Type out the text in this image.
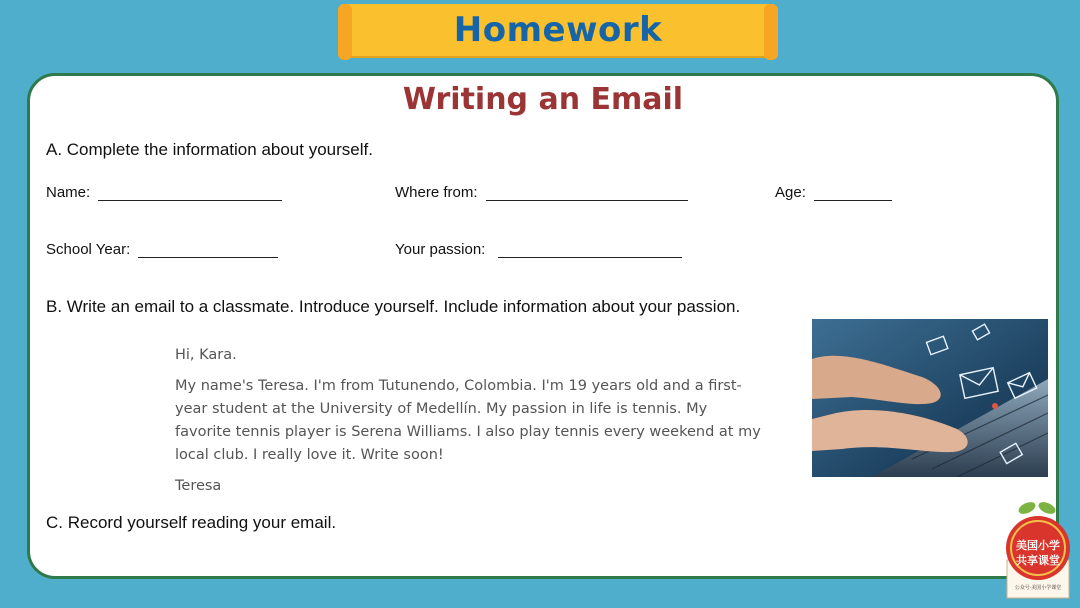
Homework
Writing an Email
A. Complete the information about yourself.
Name:	Where from:	Age:
School Year:	Your passion:
B. Write an email to a classmate. Introduce yourself. Include information about your passion.

Hi, Kara.

My name's Teresa. I'm from Tutunendo, Colombia. I'm 19 years old and a first-year student at the University of Medellín. My passion in life is tennis. My favorite tennis player is Serena Williams. I also play tennis every weekend at my local club. I really love it. Write soon!

Teresa

C. Record yourself reading your email.
美国小学共享课堂
公众号·美国小学课堂
